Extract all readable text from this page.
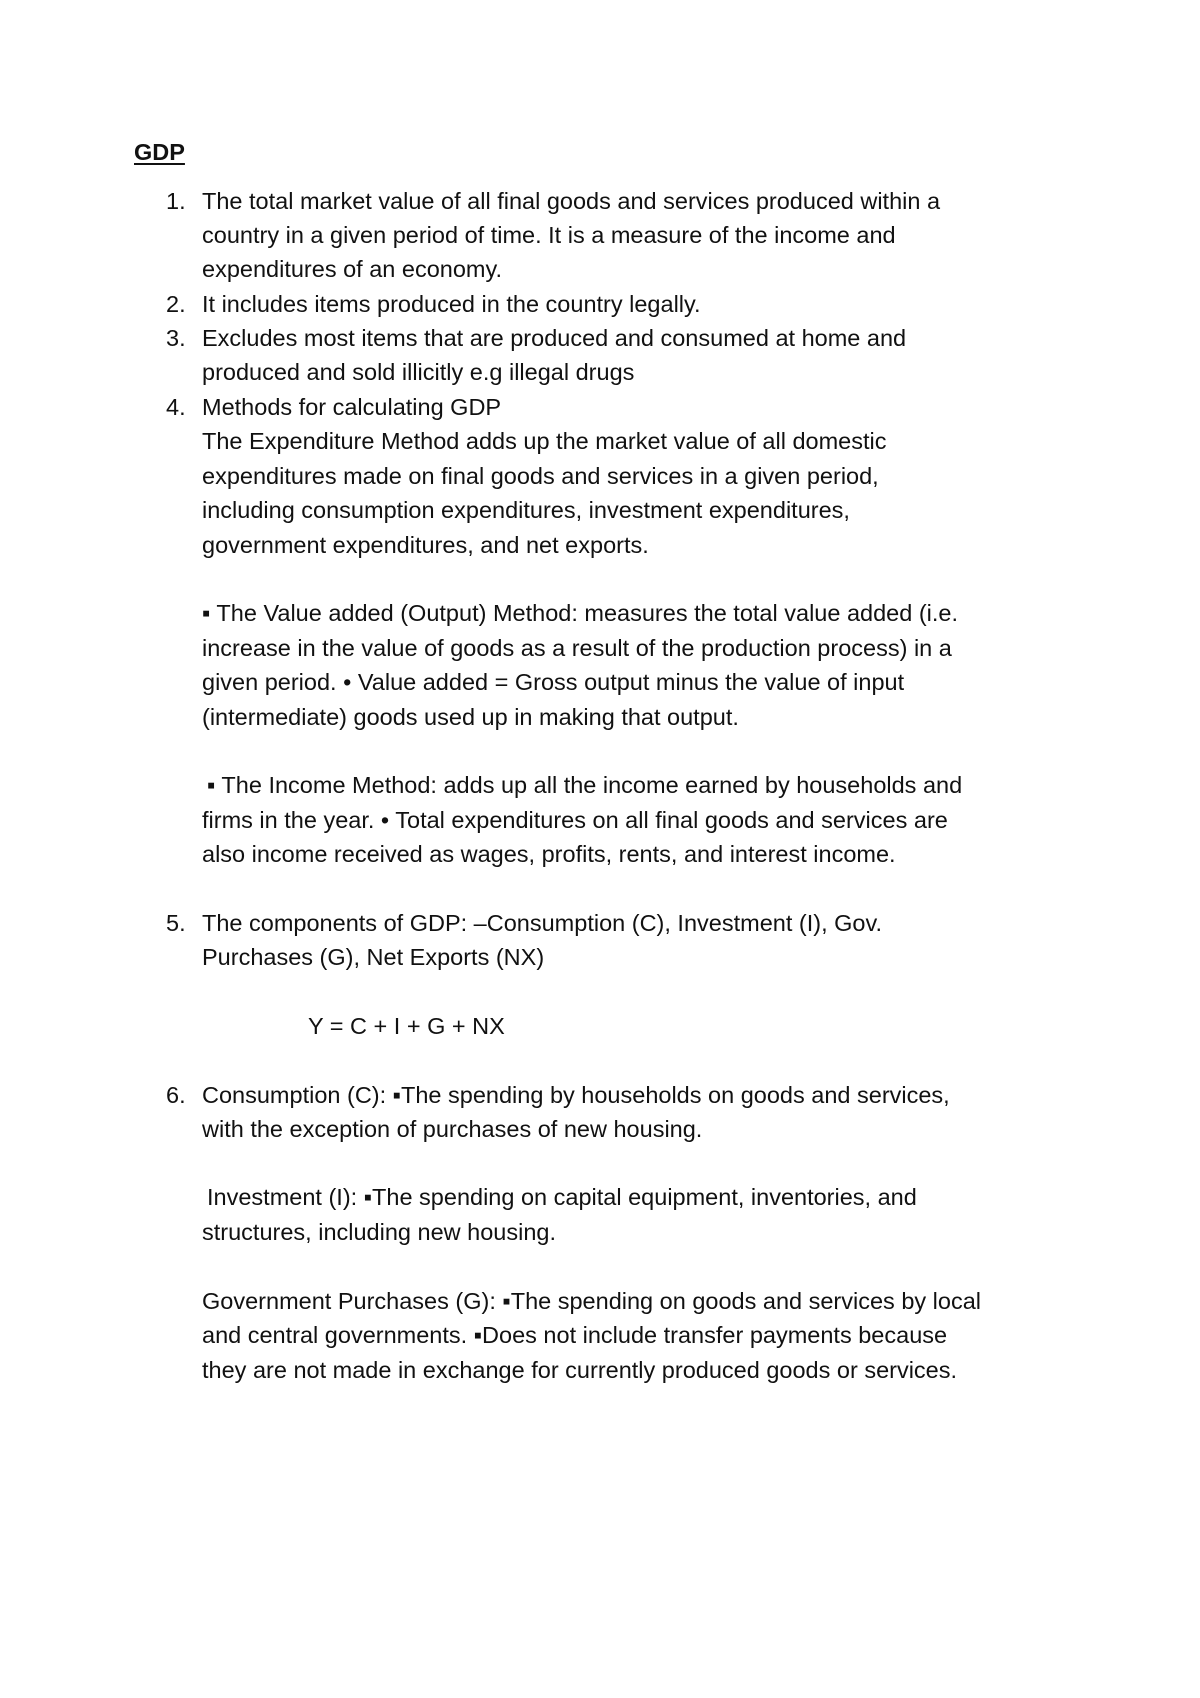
GDP
1. The total market value of all final goods and services produced within a
country in a given period of time. It is a measure of the income and
expenditures of an economy.
2. It includes items produced in the country legally.
3. Excludes most items that are produced and consumed at home and
produced and sold illicitly e.g illegal drugs
4. Methods for calculating GDP
The Expenditure Method adds up the market value of all domestic
expenditures made on final goods and services in a given period,
including consumption expenditures, investment expenditures,
government expenditures, and net exports.
▪ The Value added (Output) Method: measures the total value added (i.e.
increase in the value of goods as a result of the production process) in a
given period. • Value added = Gross output minus the value of input
(intermediate) goods used up in making that output.
▪ The Income Method: adds up all the income earned by households and
firms in the year. • Total expenditures on all final goods and services are
also income received as wages, profits, rents, and interest income.
5. The components of GDP: –Consumption (C), Investment (I), Gov.
Purchases (G), Net Exports (NX)
Y = C + I + G + NX
6. Consumption (C): ▪The spending by households on goods and services,
with the exception of purchases of new housing.
Investment (I): ▪The spending on capital equipment, inventories, and
structures, including new housing.
Government Purchases (G): ▪The spending on goods and services by local
and central governments. ▪Does not include transfer payments because
they are not made in exchange for currently produced goods or services.
